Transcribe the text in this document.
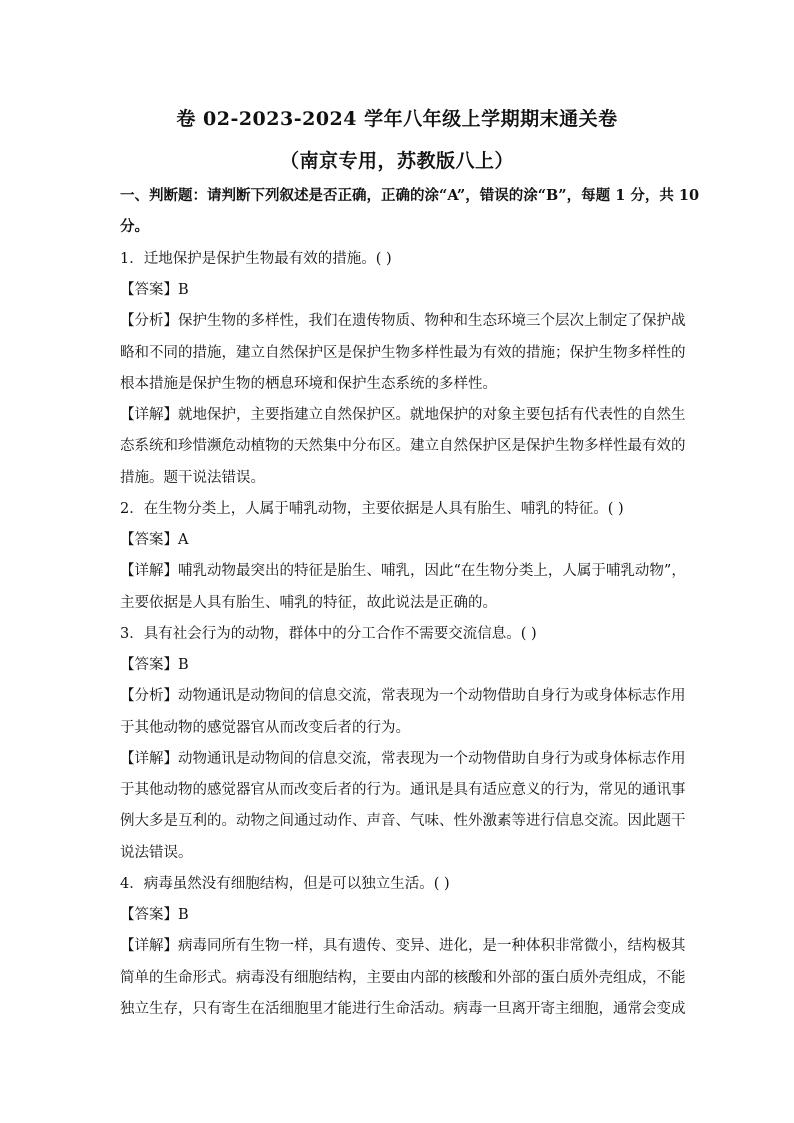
卷 02-2023-2024 学年八年级上学期期末通关卷
（南京专用，苏教版八上）
一、判断题：请判断下列叙述是否正确，正确的涂“A”，错误的涂“B”，每题 1 分，共 10
分。
1．迁地保护是保护生物最有效的措施。( )
【答案】B
【分析】保护生物的多样性，我们在遗传物质、物种和生态环境三个层次上制定了保护战
略和不同的措施，建立自然保护区是保护生物多样性最为有效的措施；保护生物多样性的
根本措施是保护生物的栖息环境和保护生态系统的多样性。
【详解】就地保护，主要指建立自然保护区。就地保护的对象主要包括有代表性的自然生
态系统和珍惜濒危动植物的天然集中分布区。建立自然保护区是保护生物多样性最有效的
措施。题干说法错误。
2．在生物分类上，人属于哺乳动物，主要依据是人具有胎生、哺乳的特征。( )
【答案】A
【详解】哺乳动物最突出的特征是胎生、哺乳，因此“在生物分类上，人属于哺乳动物”，
主要依据是人具有胎生、哺乳的特征，故此说法是正确的。
3．具有社会行为的动物，群体中的分工合作不需要交流信息。( )
【答案】B
【分析】动物通讯是动物间的信息交流，常表现为一个动物借助自身行为或身体标志作用
于其他动物的感觉器官从而改变后者的行为。
【详解】动物通讯是动物间的信息交流，常表现为一个动物借助自身行为或身体标志作用
于其他动物的感觉器官从而改变后者的行为。通讯是具有适应意义的行为，常见的通讯事
例大多是互利的。动物之间通过动作、声音、气味、性外激素等进行信息交流。因此题干
说法错误。
4．病毒虽然没有细胞结构，但是可以独立生活。( )
【答案】B
【详解】病毒同所有生物一样，具有遗传、变异、进化，是一种体积非常微小，结构极其
简单的生命形式。病毒没有细胞结构，主要由内部的核酸和外部的蛋白质外壳组成，不能
独立生存，只有寄生在活细胞里才能进行生命活动。病毒一旦离开寄主细胞，通常会变成
